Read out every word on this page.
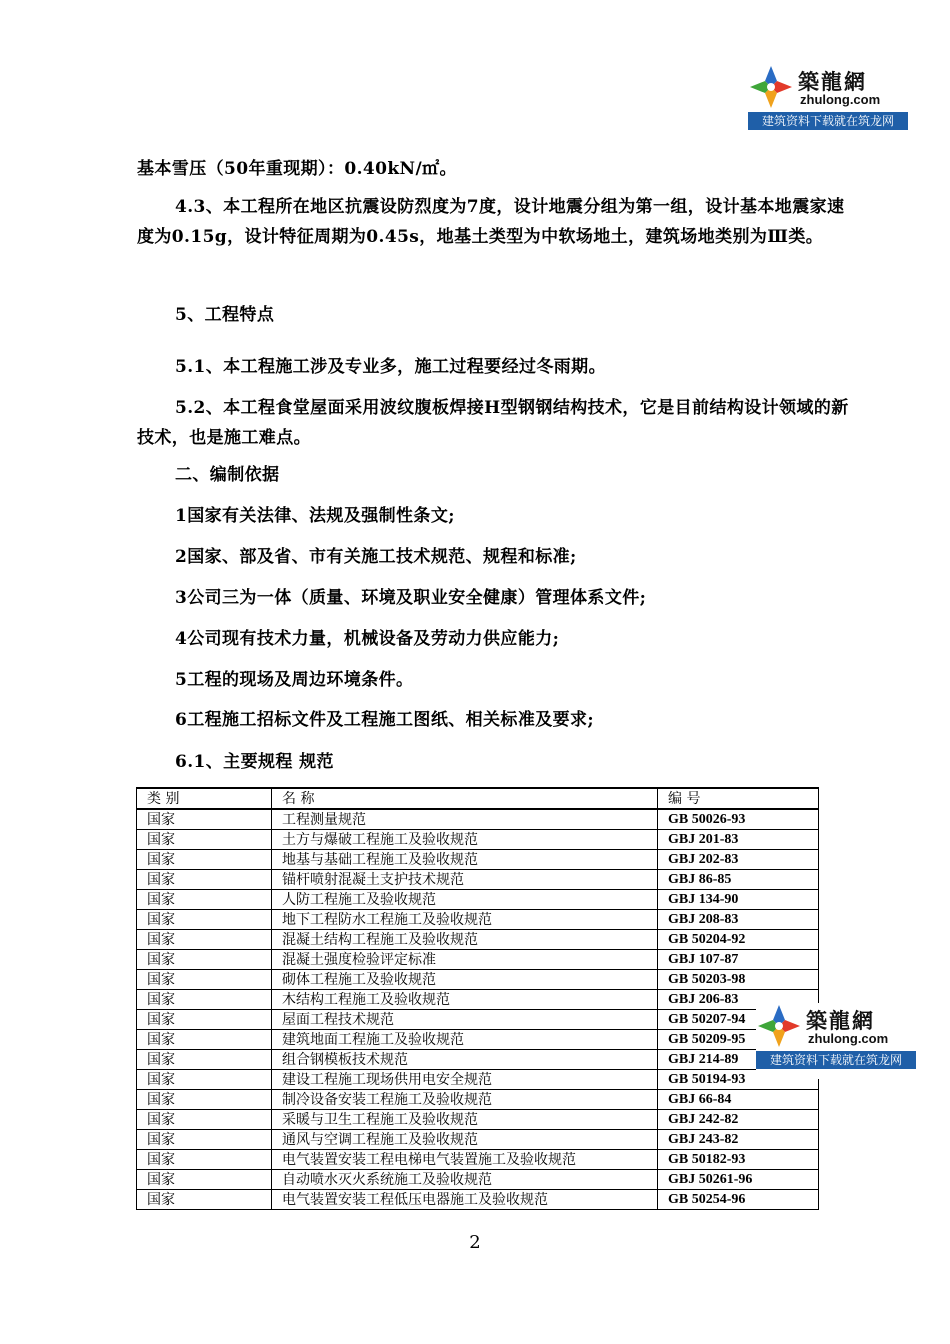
築龍網
zhulong.com
建筑资料下载就在筑龙网
基本雪压（50年重现期）：0.40kN/㎡。
4.3、本工程所在地区抗震设防烈度为7度，设计地震分组为第一组，设计基本地震家速度为0.15g，设计特征周期为0.45s，地基土类型为中软场地土，建筑场地类别为Ⅲ类。
5、工程特点
5.1、本工程施工涉及专业多，施工过程要经过冬雨期。
5.2、本工程食堂屋面采用波纹腹板焊接H型钢钢结构技术，它是目前结构设计领域的新技术，也是施工难点。
二、编制依据
1国家有关法律、法规及强制性条文;
2国家、部及省、市有关施工技术规范、规程和标准;
3公司三为一体（质量、环境及职业安全健康）管理体系文件;
4公司现有技术力量，机械设备及劳动力供应能力;
5工程的现场及周边环境条件。
6工程施工招标文件及工程施工图纸、相关标准及要求;
6.1、主要规程 规范
类 别	名 称	编 号
国家	工程测量规范	GB 50026-93
国家	土方与爆破工程施工及验收规范	GBJ 201-83
国家	地基与基础工程施工及验收规范	GBJ 202-83
国家	锚杆喷射混凝土支护技术规范	GBJ 86-85
国家	人防工程施工及验收规范	GBJ 134-90
国家	地下工程防水工程施工及验收规范	GBJ 208-83
国家	混凝土结构工程施工及验收规范	GB 50204-92
国家	混凝土强度检验评定标准	GBJ 107-87
国家	砌体工程施工及验收规范	GB 50203-98
国家	木结构工程施工及验收规范	GBJ 206-83
国家	屋面工程技术规范	GB 50207-94
国家	建筑地面工程施工及验收规范	GB 50209-95
国家	组合钢模板技术规范	GBJ 214-89
国家	建设工程施工现场供用电安全规范	GB 50194-93
国家	制冷设备安装工程施工及验收规范	GBJ 66-84
国家	采暖与卫生工程施工及验收规范	GBJ 242-82
国家	通风与空调工程施工及验收规范	GBJ 243-82
国家	电气装置安装工程电梯电气装置施工及验收规范	GB 50182-93
国家	自动喷水灭火系统施工及验收规范	GBJ 50261-96
国家	电气装置安装工程低压电器施工及验收规范	GB 50254-96
築龍網
zhulong.com
建筑资料下载就在筑龙网
2
